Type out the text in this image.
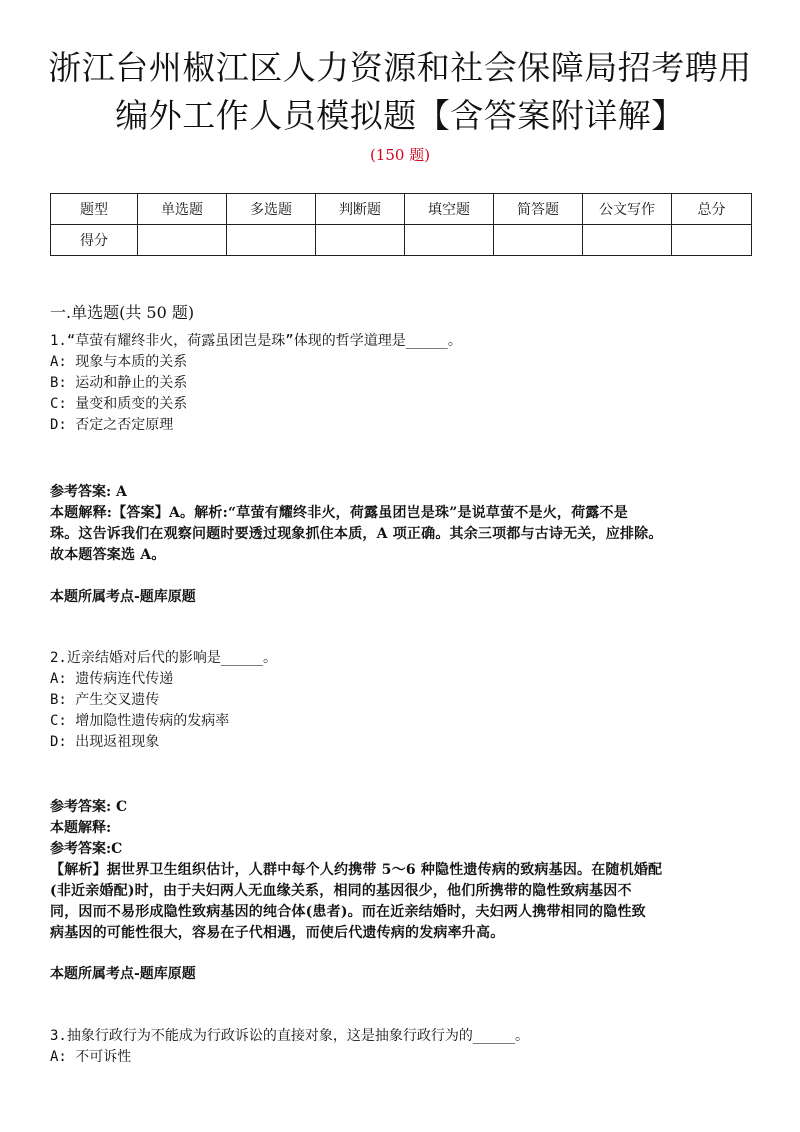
浙江台州椒江区人力资源和社会保障局招考聘用
编外工作人员模拟题【含答案附详解】
(150 题)
题型	单选题	多选题	判断题	填空题	简答题	公文写作	总分
得分							
一.单选题(共 50 题)
1.“草萤有耀终非火，荷露虽团岂是珠”体现的哲学道理是_____。
A: 现象与本质的关系
B: 运动和静止的关系
C: 量变和质变的关系
D: 否定之否定原理
参考答案: A
本题解释:【答案】A。解析:“草萤有耀终非火，荷露虽团岂是珠”是说草萤不是火，荷露不是
珠。这告诉我们在观察问题时要透过现象抓住本质，A 项正确。其余三项都与古诗无关，应排除。
故本题答案选 A。
本题所属考点-题库原题
2.近亲结婚对后代的影响是_____。
A: 遗传病连代传递
B: 产生交叉遗传
C: 增加隐性遗传病的发病率
D: 出现返祖现象
参考答案: C
本题解释:
参考答案:C
【解析】据世界卫生组织估计，人群中每个人约携带 5～6 种隐性遗传病的致病基因。在随机婚配
(非近亲婚配)时，由于夫妇两人无血缘关系，相同的基因很少，他们所携带的隐性致病基因不
同，因而不易形成隐性致病基因的纯合体(患者)。而在近亲结婚时，夫妇两人携带相同的隐性致
病基因的可能性很大，容易在子代相遇，而使后代遗传病的发病率升高。
本题所属考点-题库原题
3.抽象行政行为不能成为行政诉讼的直接对象，这是抽象行政行为的_____。
A: 不可诉性
